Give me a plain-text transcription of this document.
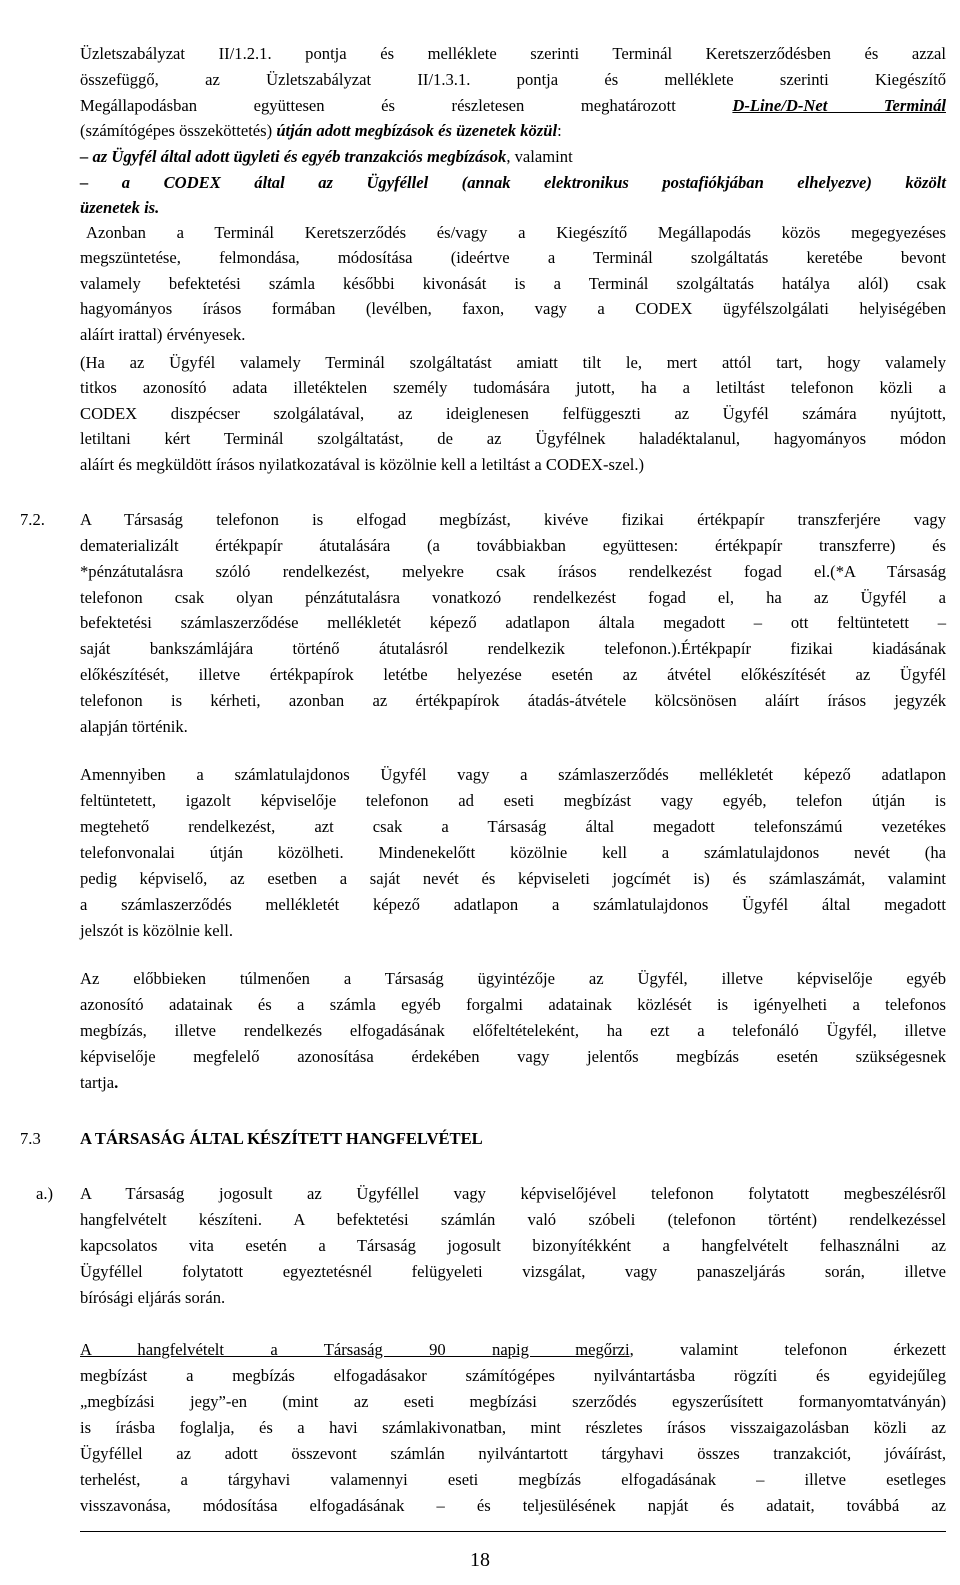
Üzletszabályzat II/1.2.1. pontja és melléklete szerinti Terminál Keretszerződésben és azzal
összefüggő, az Üzletszabályzat II/1.3.1. pontja és melléklete szerinti Kiegészítő
Megállapodásban együttesen és részletesen meghatározott	D-Line/D-Net Terminál
(számítógépes összeköttetés) útján adott megbízások és üzenetek közül:
– az Ügyfél által adott ügyleti és egyéb tranzakciós megbízások, valamint
– a CODEX által az Ügyféllel (annak elektronikus postafiókjában elhelyezve) közölt
üzenetek is.
Azonban a Terminál Keretszerződés és/vagy a Kiegészítő Megállapodás közös megegyezéses
megszüntetése, felmondása, módosítása (ideértve a Terminál szolgáltatás keretébe bevont
valamely befektetési számla későbbi kivonását is a Terminál szolgáltatás hatálya alól) csak
hagyományos írásos formában (levélben, faxon, vagy a CODEX ügyfélszolgálati helyiségében
aláírt irattal) érvényesek.
(Ha az Ügyfél valamely Terminál szolgáltatást amiatt tilt le, mert attól tart, hogy valamely
titkos azonosító adata illetéktelen személy tudomására jutott, ha a letiltást telefonon közli a
CODEX diszpécser szolgálatával, az ideiglenesen felfüggeszti az Ügyfél számára nyújtott,
letiltani kért Terminál szolgáltatást, de az Ügyfélnek haladéktalanul, hagyományos módon
aláírt és megküldött írásos nyilatkozatával is közölnie kell a letiltást a CODEX-szel.)
7.2. A Társaság telefonon is elfogad megbízást, kivéve fizikai értékpapír transzferjére vagy
dematerializált értékpapír átutalására (a továbbiakban együttesen: értékpapír transzferre) és
*pénzátutalásra szóló rendelkezést, melyekre csak írásos rendelkezést fogad el.(*A Társaság
telefonon csak olyan pénzátutalásra vonatkozó rendelkezést fogad el, ha az Ügyfél a
befektetési számlaszerződése mellékletét képező adatlapon általa megadott – ott feltüntetett –
saját bankszámlájára történő átutalásról rendelkezik telefonon.).Értékpapír fizikai kiadásának
előkészítését, illetve értékpapírok letétbe helyezése esetén az átvétel előkészítését az Ügyfél
telefonon is kérheti, azonban az értékpapírok átadás-átvétele kölcsönösen aláírt írásos jegyzék
alapján történik.
Amennyiben a számlatulajdonos Ügyfél vagy a számlaszerződés mellékletét képező adatlapon
feltüntetett, igazolt képviselője telefonon ad eseti megbízást vagy egyéb, telefon útján is
megtehető rendelkezést, azt csak a Társaság által megadott telefonszámú vezetékes
telefonvonalai útján közölheti. Mindenekelőtt közölnie kell a számlatulajdonos nevét (ha
pedig képviselő, az esetben a saját nevét és képviseleti jogcímét is) és számlaszámát, valamint
a számlaszerződés mellékletét képező adatlapon a számlatulajdonos Ügyfél által megadott
jelszót is közölnie kell.
Az előbbieken túlmenően a Társaság ügyintézője az Ügyfél, illetve képviselője egyéb
azonosító adatainak és a számla egyéb forgalmi adatainak közlését is igényelheti a telefonos
megbízás, illetve rendelkezés elfogadásának előfeltételeként, ha ezt a telefonáló Ügyfél, illetve
képviselője megfelelő azonosítása érdekében vagy jelentős megbízás esetén szükségesnek
tartja.
7.3 A TÁRSASÁG ÁLTAL KÉSZÍTETT HANGFELVÉTEL
a.) A Társaság jogosult az Ügyféllel vagy képviselőjével telefonon folytatott megbeszélésről
hangfelvételt készíteni. A befektetési számlán való szóbeli (telefonon történt) rendelkezéssel
kapcsolatos vita esetén a Társaság jogosult bizonyítékként a hangfelvételt felhasználni az
Ügyféllel folytatott egyeztetésnél felügyeleti vizsgálat, vagy panaszeljárás során, illetve
bírósági eljárás során.
A hangfelvételt a Társaság 90 napig megőrzi, valamint telefonon érkezett
megbízást a megbízás elfogadásakor számítógépes nyilvántartásba rögzíti és egyidejűleg
„megbízási jegy”-en (mint az eseti megbízási szerződés egyszerűsített formanyomtatványán)
is írásba foglalja, és a havi számlakivonatban, mint részletes írásos visszaigazolásban közli az
Ügyféllel az adott összevont számlán nyilvántartott tárgyhavi összes tranzakciót, jóváírást,
terhelést, a tárgyhavi valamennyi eseti megbízás elfogadásának – illetve esetleges
visszavonása, módosítása elfogadásának – és teljesülésének napját és adatait, továbbá az
18
